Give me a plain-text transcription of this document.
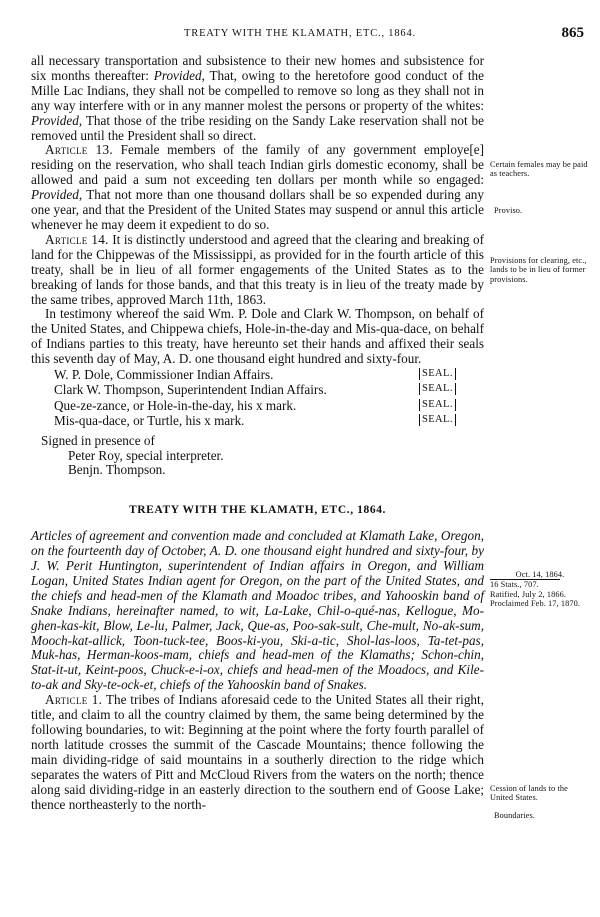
TREATY WITH THE KLAMATH, ETC., 1864.	865

all necessary transportation and subsistence to their new homes and subsistence for six months thereafter: Provided, That, owing to the heretofore good conduct of the Mille Lac Indians, they shall not be compelled to remove so long as they shall not in any way interfere with or in any manner molest the persons or property of the whites: Provided, That those of the tribe residing on the Sandy Lake reservation shall not be removed until the President shall so direct.

Article 13. Female members of the family of any government employe[e] residing on the reservation, who shall teach Indian girls domestic economy, shall be allowed and paid a sum not exceeding ten dollars per month while so engaged: Provided, That not more than one thousand dollars shall be so expended during any one year, and that the President of the United States may suspend or annul this article whenever he may deem it expedient to do so.

Article 14. It is distinctly understood and agreed that the clearing and breaking of land for the Chippewas of the Mississippi, as provided for in the fourth article of this treaty, shall be in lieu of all former engagements of the United States as to the breaking of lands for those bands, and that this treaty is in lieu of the treaty made by the same tribes, approved March 11th, 1863.

In testimony whereof the said Wm. P. Dole and Clark W. Thompson, on behalf of the United States, and Chippewa chiefs, Hole-in-the-day and Mis-qua-dace, on behalf of Indians parties to this treaty, have hereunto set their hands and affixed their seals this seventh day of May, A. D. one thousand eight hundred and sixty-four.

W. P. Dole, Commissioner Indian Affairs.	SEAL.
Clark W. Thompson, Superintendent Indian Affairs.	SEAL.
Que-ze-zance, or Hole-in-the-day, his x mark.	SEAL.
Mis-qua-dace, or Turtle, his x mark.	SEAL.
Signed in presence of
Peter Roy, special interpreter.
Benjn. Thompson.
TREATY WITH THE KLAMATH, ETC., 1864.

Articles of agreement and convention made and concluded at Klamath Lake, Oregon, on the fourteenth day of October, A. D. one thousand eight hundred and sixty-four, by J. W. Perit Huntington, superintendent of Indian affairs in Oregon, and William Logan, United States Indian agent for Oregon, on the part of the United States, and the chiefs and head-men of the Klamath and Moadoc tribes, and Yahooskin band of Snake Indians, hereinafter named, to wit, La-Lake, Chil-o-qué-nas, Kellogue, Mo-ghen-kas-kit, Blow, Le-lu, Palmer, Jack, Que-as, Poo-sak-sult, Che-mult, No-ak-sum, Mooch-kat-allick, Toon-tuck-tee, Boos-ki-you, Ski-a-tic, Shol-las-loos, Ta-tet-pas, Muk-has, Herman-koos-mam, chiefs and head-men of the Klamaths; Schon-chin, Stat-it-ut, Keint-poos, Chuck-e-i-ox, chiefs and head-men of the Moadocs, and Kile-to-ak and Sky-te-ock-et, chiefs of the Yahooskin band of Snakes.

Article 1. The tribes of Indians aforesaid cede to the United States all their right, title, and claim to all the country claimed by them, the same being determined by the following boundaries, to wit: Beginning at the point where the forty fourth parallel of north latitude crosses the summit of the Cascade Mountains; thence following the main dividing-ridge of said mountains in a southerly direction to the ridge which separates the waters of Pitt and McCloud Rivers from the waters on the north; thence along said dividing-ridge in an easterly direction to the southern end of Goose Lake; thence northeasterly to the north-

Certain females may be paid as teachers.
Proviso.
Provisions for clearing, etc., lands to be in lieu of former provisions.
Oct. 14, 1864.
16 Stats., 707.
Ratified, July 2, 1866.
Proclaimed Feb. 17, 1870.
Cession of lands to the United States.
Boundaries.
